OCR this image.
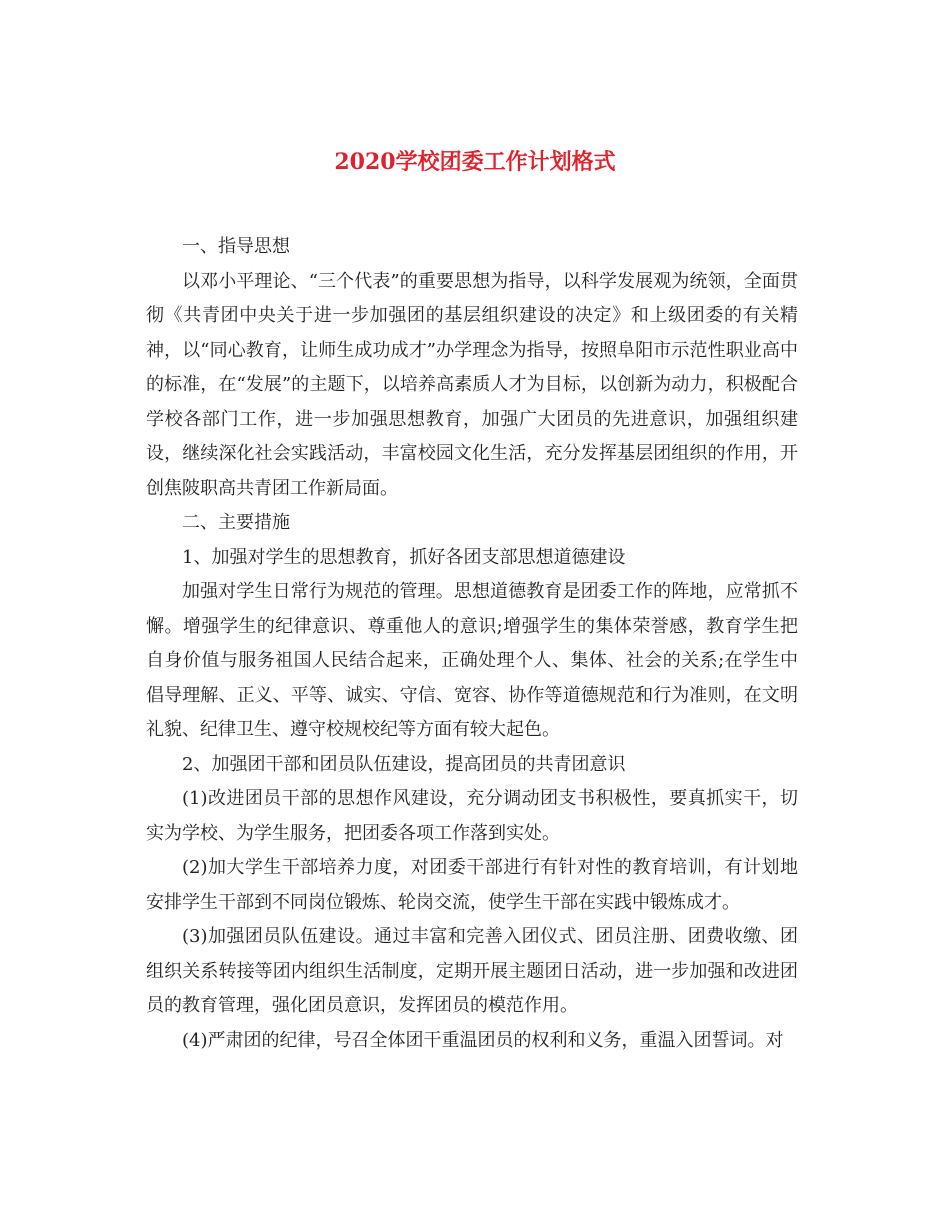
2020学校团委工作计划格式

一、指导思想

以邓小平理论、“三个代表”的重要思想为指导，以科学发展观为统领，全面贯彻《共青团中央关于进一步加强团的基层组织建设的决定》和上级团委的有关精神，以“同心教育，让师生成功成才”办学理念为指导，按照阜阳市示范性职业高中的标准，在“发展”的主题下，以培养高素质人才为目标，以创新为动力，积极配合学校各部门工作，进一步加强思想教育，加强广大团员的先进意识，加强组织建设，继续深化社会实践活动，丰富校园文化生活，充分发挥基层团组织的作用，开创焦陂职高共青团工作新局面。

二、主要措施

1、加强对学生的思想教育，抓好各团支部思想道德建设

加强对学生日常行为规范的管理。思想道德教育是团委工作的阵地，应常抓不懈。增强学生的纪律意识、尊重他人的意识;增强学生的集体荣誉感，教育学生把自身价值与服务祖国人民结合起来，正确处理个人、集体、社会的关系;在学生中倡导理解、正义、平等、诚实、守信、宽容、协作等道德规范和行为准则，在文明礼貌、纪律卫生、遵守校规校纪等方面有较大起色。

2、加强团干部和团员队伍建设，提高团员的共青团意识

(1)改进团员干部的思想作风建设，充分调动团支书积极性，要真抓实干，切实为学校、为学生服务，把团委各项工作落到实处。

(2)加大学生干部培养力度，对团委干部进行有针对性的教育培训，有计划地安排学生干部到不同岗位锻炼、轮岗交流，使学生干部在实践中锻炼成才。

(3)加强团员队伍建设。通过丰富和完善入团仪式、团员注册、团费收缴、团组织关系转接等团内组织生活制度，定期开展主题团日活动，进一步加强和改进团员的教育管理，强化团员意识，发挥团员的模范作用。

(4)严肃团的纪律，号召全体团干重温团员的权利和义务，重温入团誓词。对
